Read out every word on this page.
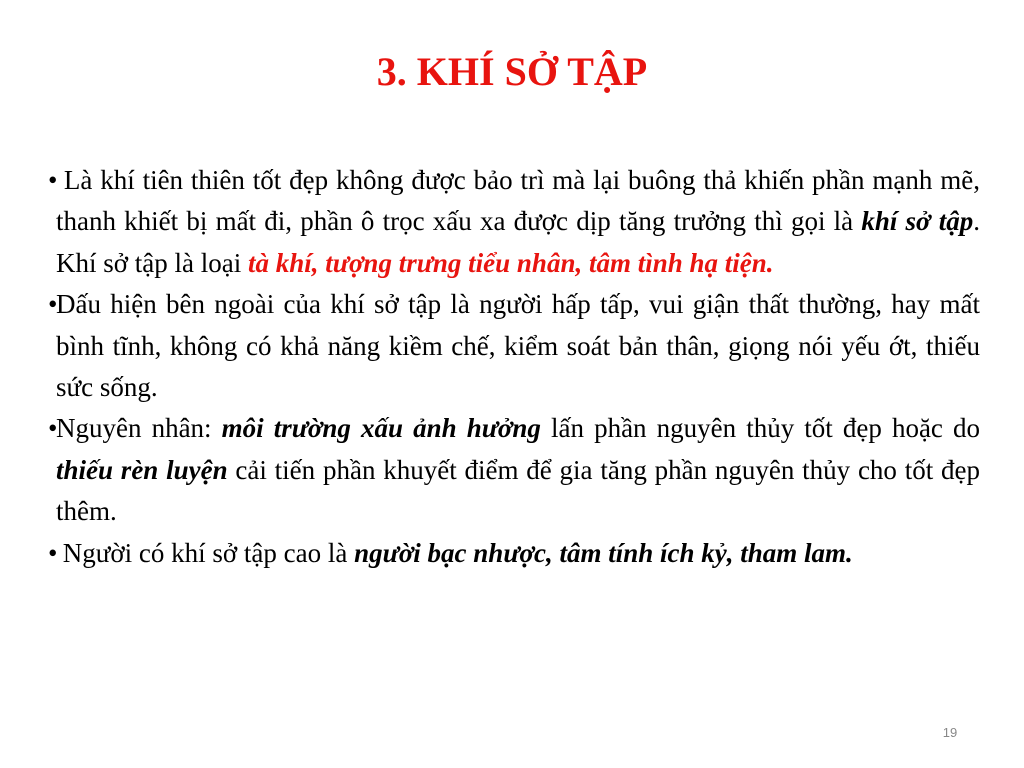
3. KHÍ SỞ TẬP

• Là khí tiên thiên tốt đẹp không được bảo trì mà lại buông thả khiến phần mạnh mẽ, thanh khiết bị mất đi, phần ô trọc xấu xa được dịp tăng trưởng thì gọi là khí sở tập. Khí sở tập là loại tà khí, tượng trưng tiểu nhân, tâm tình hạ tiện.

•Dấu hiện bên ngoài của khí sở tập là người hấp tấp, vui giận thất thường, hay mất bình tĩnh, không có khả năng kiềm chế, kiểm soát bản thân, giọng nói yếu ớt, thiếu sức sống.

•Nguyên nhân: môi trường xấu ảnh hưởng lấn phần nguyên thủy tốt đẹp hoặc do thiếu rèn luyện cải tiến phần khuyết điểm để gia tăng phần nguyên thủy cho tốt đẹp thêm.

• Người có khí sở tập cao là người bạc nhược, tâm tính ích kỷ, tham lam.

19
